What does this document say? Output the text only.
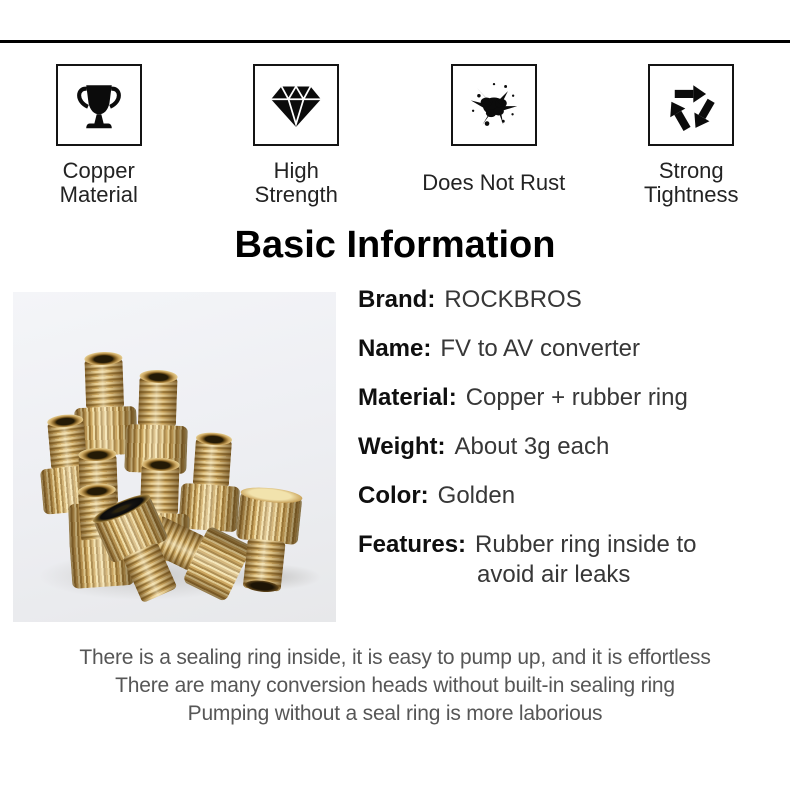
Copper
Material
High
Strength	Does Not Rust	Strong
Tightness
Basic Information
Brand: ROCKBROS
Name: FV to AV converter
Material: Copper + rubber ring
Weight: About 3g each
Color: Golden
Features: Rubber ring inside to
avoid air leaks
There is a sealing ring inside, it is easy to pump up, and it is effortless
There are many conversion heads without built-in sealing ring
Pumping without a seal ring is more laborious
